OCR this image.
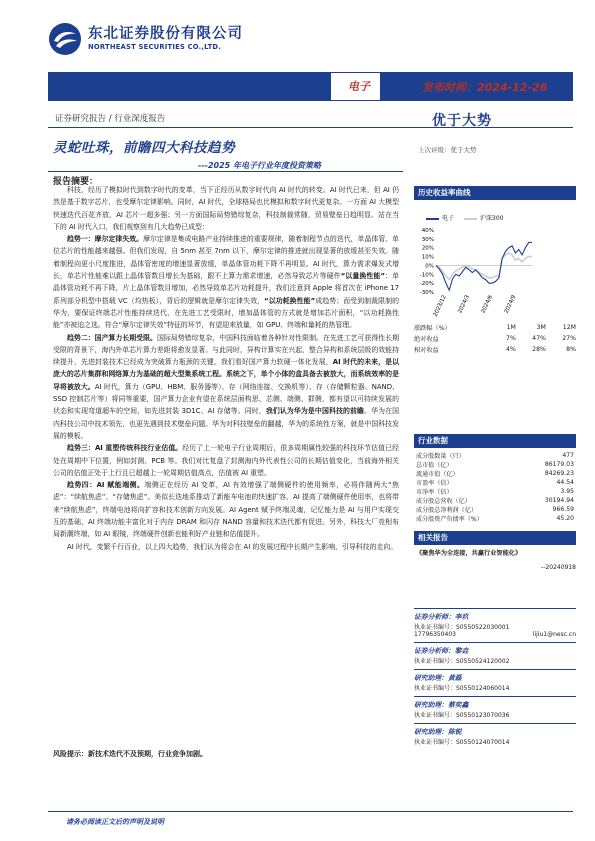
东北证券股份有限公司
NORTHEAST SECURITIES CO.,LTD.
电子	发布时间：2024-12-26
证券研究报告 / 行业深度报告	优于大势
上次评级：优于大势
灵蛇吐珠，前瞻四大科技趋势
---2025 年电子行业年度投资策略
报告摘要：

科技，经历了模拟时代到数字时代的变革，当下正经历从数字时代向 AI 时代的转变。AI 时代已来，但 AI 仍然是基于数字芯片，也受摩尔定律影响。同时，AI 时代，全球格局也比模拟和数字时代更复杂。一方面 AI 大模型快速迭代百花齐放，AI 芯片一超多强；另一方面国际局势错综复杂，科技制裁常随，贸易壁垒日趋明显。站在当下的 AI 时代入口，我们观察到有几大趋势已成型：

趋势一：摩尔定律失效。摩尔定律是集成电路产业持续推进的重要规律，随着制程节点的迭代，单晶体管、单位芯片的性能越来越强。但我们发现，自 5nm 甚至 7nm 以下，摩尔定律的推进就出现显著的放缓甚至失效。随着制程向更小尺度推进，晶体管密度的增速显著放缓，单晶体管功耗下降不再明显。AI 时代，算力需求爆发式增长，单芯片性能难以跟上晶体管数目增长为基础，跟不上算力需求增速，必然导致芯片等硬件“以量换性能”：单晶体管功耗不再下降，片上晶体管数目增加，必然导致单芯片功耗提升，我们注意到 Apple 将首次在 iPhone 17 系列部分机型中搭载 VC（均热板），背后的逻辑就是摩尔定律失效，“以功耗换性能”成趋势；而受到制裁限制的华为，要保证终端芯片性能持续迭代，在先进工艺受限时，增加晶体管的方式就是增加芯片面积，“以功耗换性能”亦被迫之选。符合“摩尔定律失效”特征的环节，有望迎来放量，如 GPU、终端和量耗的热管理。

趋势二：国产算力长期受限。国际局势错综复杂，中国科技面临着各种针对性限制。在先进工艺可获得性长期受限的背景下，海内外单芯片算力差距将愈发显著。与此同时，异构计算实在兴起，整合异构和系统层级的效能持续提升，先进封装技术已经成为突破算力瓶颈的关键，我们看好国产算力软硬一体化发展，AI 时代的未来，是以庞大的芯片集群和网络算力为基础的超大型集系统工程。系统之下，单个小体的盒具备去被放大，而系统效率的是导将被放大。AI 时代，算力（GPU、HBM、服务器等）、存（网络连接、交换机等）、存（存储颗粒器、NAND、SSD 控制芯片等）将同等重要，国产算力企业有望在系统层面构思、芯侧、端侧、群侧，都有望以可持续发展的状态和实现弯道超车的空间，如先进封装 3D1C、AI 存储等。同时，我们认为华为是中国科技的前瞻。华为在国内科技公司中技术领先，也更先遇到技术壁垒问题。华为对科技壁垒的翻越，华为的系统性方案，就是中国科技发展的模板。

趋势三：AI 重塑传统科技行业估值。经历了上一轮电子行业周期后，很多周期属性较强的科技环节估值已经处在周期中下位置，例如封测、PCB 等。我们对比复盘了封测海内外代表性公司的长期估值变化，当前海外相关公司的估值正处于上行且已超越上一轮周期估值高点，估值被 AI 重塑。

趋势四：AI 赋能端侧。端侧正在经历 AI 变革，AI 有效增强了端侧硬件的使用频率，必将伴随两大“焦虑”：“续航焦虑”、“存储焦虑”。美似长迭地系推动了新能车电池的快速扩容，AI 提高了端侧硬件使用率，也将带来“续航焦虑”，终端电池将向扩容和技术创新方向发展。AI Agent 赋予终端灵魂，记忆能力是 AI 与用户实现交互的基础，AI 终端功能丰富化对于内存 DRAM 和闪存 NAND 容量和技术迭代都有促进。另外，科技大厂竞相布局新潮终端，如 AI 眼镜，终端硬件创新也能利好产业链和估值提升。

AI 时代，变繁千行百业，以上四大趋势，我们认为将会在 AI 的发展过程中长期产生影响，引导科技的走向。

风险提示：新技术迭代不及预期，行业竞争加剧。
历史收益率曲线
电子	沪深300
40%
30%
20%
10%
0%
-10%
-20%
-30%
2023/12 2024/3 2024/6 2024/9
涨跌幅（%）	1M	3M	12M
绝对收益	7%	47%	27%
相对收益	4%	28%	8%
行业数据
成分股数量（只）	477
总市值（亿）	86179.03
流通市值（亿）	84269.23
市盈率（倍）	44.54
市净率（倍）	3.95
成分股总营收（亿）	30194.94
成分股总净利润（亿）	966.59
成分股资产负债率（%）	45.20
相关报告
《聚焦华为全连接，共赢行业智能化》
--20240918
证券分析师：李玖
执业证书编号：S0550522030001
17796350403	lijiu1@nesc.cn
证券分析师：黎垚
执业证书编号：S0550524120002
研究助理：黄磊
执业证书编号：S0550124060014
研究助理：蔡奕鑫
执业证书编号：S0550123070036
研究助理：陈锐
执业证书编号：S0550124070014
请务必阅读正文后的声明及说明
